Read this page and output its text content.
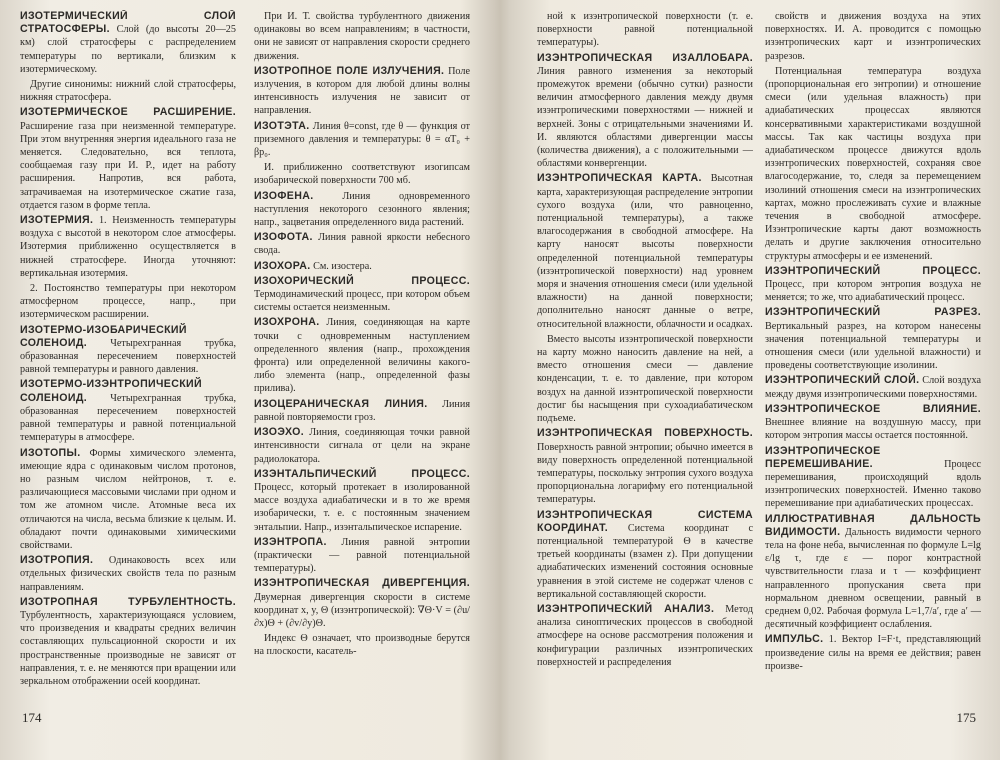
ИЗОТЕРМИЧЕСКИЙ СЛОЙ СТРАТОСФЕРЫ. Слой (до высоты 20—25 км) слой стратосферы с распределением температуры по вертикали, близким к изотермическому.
Другие синонимы: нижний слой стратосферы, нижняя стратосфера.
ИЗОТЕРМИЧЕСКОЕ РАСШИРЕНИЕ. Расширение газа при неизменной температуре. При этом внутренняя энергия идеального газа не меняется. Следовательно, вся теплота, сообщаемая газу при И. Р., идет на работу расширения. Напротив, вся работа, затрачиваемая на изотермическое сжатие газа, отдается газом в форме тепла.
ИЗОТЕРМИЯ. 1. Неизменность температуры воздуха с высотой в некотором слое атмосферы. Изотермия приближенно осуществляется в нижней стратосфере. Иногда уточняют: вертикальная изотермия.
2. Постоянство температуры при некотором атмосферном процессе, напр., при изотермическом расширении.
ИЗОТЕРМО-ИЗОБАРИЧЕСКИЙ СОЛЕНОИД. Четырехгранная трубка, образованная пересечением поверхностей равной температуры и равного давления.
ИЗОТЕРМО-ИЗЭНТРОПИЧЕСКИЙ СОЛЕНОИД. Четырехгранная трубка, образованная пересечением поверхностей равной температуры и равной потенциальной температуры в атмосфере.
ИЗОТОПЫ. Формы химического элемента, имеющие ядра с одинаковым числом протонов, но разным числом нейтронов, т. е. различающиеся массовыми числами при одном и том же атомном числе. Атомные веса их отличаются на числа, весьма близкие к целым. И. обладают почти одинаковыми химическими свойствами.
ИЗОТРОПИЯ. Одинаковость всех или отдельных физических свойств тела по разным направлениям.
ИЗОТРОПНАЯ ТУРБУЛЕНТНОСТЬ. Турбулентность, характеризующаяся условием, что произведения и квадраты средних величин составляющих пульсационной скорости и их пространственные производные не зависят от направления, т. е. не меняются при вращении или зеркальном отображении осей координат.
При И. Т. свойства турбулентного движения одинаковы во всем направлениям; в частности, они не зависят от направления скорости среднего движения.
ИЗОТРОПНОЕ ПОЛЕ ИЗЛУЧЕНИЯ. Поле излучения, в котором для любой длины волны интенсивность излучения не зависит от направления.
ИЗОТЭТА. Линия θ=const, где θ — функция от приземного давления и температуры: θ = αT₀ + βp₀.
И. приближенно соответствуют изогипсам изобарической поверхности 700 мб.
ИЗОФЕНА.	Линия одновременного наступления некоторого сезонного явления; напр., зацветания определенного вида растений.
ИЗОФОТА. Линия равной яркости небесного свода.
ИЗОХОРА. См. изостера.
ИЗОХОРИЧЕСКИЙ ПРОЦЕСС. Термодинамический процесс, при котором объем системы остается неизменным.
ИЗОХРОНА. Линия, соединяющая на карте точки с одновременным наступлением определенного явления (напр., прохождения фронта) или определенной величины какого-либо элемента (напр., определенной фазы прилива).
ИЗОЦЕРАНИЧЕСКАЯ ЛИНИЯ. Линия равной повторяемости гроз.
ИЗОЭХО. Линия, соединяющая точки равной интенсивности сигнала от цели на экране радиолокатора.
ИЗЭНТАЛЬПИЧЕСКИЙ ПРОЦЕСС. Процесс, который протекает в изолированной массе воздуха адиабатически и в то же время изобарически, т. е. с постоянным значением энтальпии. Напр., изэнтальпическое испарение.
ИЗЭНТРОПА. Линия равной энтропии (практически — равной потенциальной температуры).
ИЗЭНТРОПИЧЕСКАЯ ДИВЕРГЕНЦИЯ. Двумерная дивергенция скорости в системе координат x, y, Θ (изэнтропической): ∇Θ·V = (∂u/∂x)Θ + (∂v/∂y)Θ.
Индекс Θ означает, что производные берутся на плоскости, касатель-
174
ной к изэнтропической поверхности (т. е. поверхности равной потенциальной температуры).
ИЗЭНТРОПИЧЕСКАЯ ИЗАЛЛОБАРА. Линия равного изменения за некоторый промежуток времени (обычно сутки) разности величин атмосферного давления между двумя изэнтропическими поверхностями — нижней и верхней. Зоны с отрицательными значениями И. И. являются областями дивергенции массы (количества движения), а с положительными — областями конвергенции.
ИЗЭНТРОПИЧЕСКАЯ КАРТА. Высотная карта, характеризующая распределение энтропии сухого воздуха (или, что равноценно, потенциальной температуры), а также влагосодержания в свободной атмосфере. На карту наносят высоты поверхности определенной потенциальной температуры (изэнтропической поверхности) над уровнем моря и значения отношения смеси (или удельной влажности) на данной поверхности; дополнительно наносят данные о ветре, относительной влажности, облачности и осадках.
Вместо высоты изэнтропической поверхности на карту можно наносить давление на ней, а вместо отношения смеси — давление конденсации, т. е. то давление, при котором воздух на данной изэнтропической поверхности достиг бы насыщения при сухоадиабатическом подъеме.
ИЗЭНТРОПИЧЕСКАЯ ПОВЕРХНОСТЬ. Поверхность равной энтропии; обычно имеется в виду поверхность определенной потенциальной температуры, поскольку энтропия сухого воздуха пропорциональна логарифму его потенциальной температуры.
ИЗЭНТРОПИЧЕСКАЯ СИСТЕМА КООРДИНАТ. Система координат с потенциальной температурой Θ в качестве третьей координаты (взамен z). При допущении адиабатических изменений состояния основные уравнения в этой системе не содержат членов с вертикальной составляющей скорости.
ИЗЭНТРОПИЧЕСКИЙ АНАЛИЗ. Метод анализа синоптических процессов в свободной атмосфере на основе рассмотрения положения и конфигурации различных изэнтропических поверхностей и распределения
свойств и движения воздуха на этих поверхностях. И. А. проводится с помощью изэнтропических карт и изэнтропических разрезов.
Потенциальная температура воздуха (пропорциональная его энтропии) и отношение смеси (или удельная влажность) при адиабатических процессах являются консервативными характеристиками воздушной массы. Так как частицы воздуха при адиабатическом процессе движутся вдоль изэнтропических поверхностей, сохраняя свое влагосодержание, то, следя за перемещением изолиний отношения смеси на изэнтропических картах, можно прослеживать сухие и влажные течения в свободной атмосфере. Изэнтропические карты дают возможность делать и другие заключения относительно структуры атмосферы и ее изменений.
ИЗЭНТРОПИЧЕСКИЙ ПРОЦЕСС. Процесс, при котором энтропия воздуха не меняется; то же, что адиабатический процесс.
ИЗЭНТРОПИЧЕСКИЙ РАЗРЕЗ. Вертикальный разрез, на котором нанесены значения потенциальной температуры и отношения смеси (или удельной влажности) и проведены соответствующие изолинии.
ИЗЭНТРОПИЧЕСКИЙ СЛОЙ. Слой воздуха между двумя изэнтропическими поверхностями.
ИЗЭНТРОПИЧЕСКОЕ ВЛИЯНИЕ. Внешнее влияние на воздушную массу, при котором энтропия массы остается постоянной.
ИЗЭНТРОПИЧЕСКОЕ ПЕРЕМЕШИВАНИЕ.	Процесс перемешивания, происходящий вдоль изэнтропических поверхностей. Именно таково перемешивание при адиабатических процессах.
ИЛЛЮСТРАТИВНАЯ ДАЛЬНОСТЬ ВИДИМОСТИ. Дальность видимости черного тела на фоне неба, вычисленная по формуле L=lg ε/lg τ, где ε — порог контрастной чувствительности глаза и τ — коэффициент направленного пропускания света при нормальном дневном освещении, равный в среднем 0,02. Рабочая формула L=1,7/a′, где a′ — десятичный коэффициент ослабления.
ИМПУЛЬС. 1. Вектор I=F·t, представляющий произведение силы на время ее действия; равен произве-
175
